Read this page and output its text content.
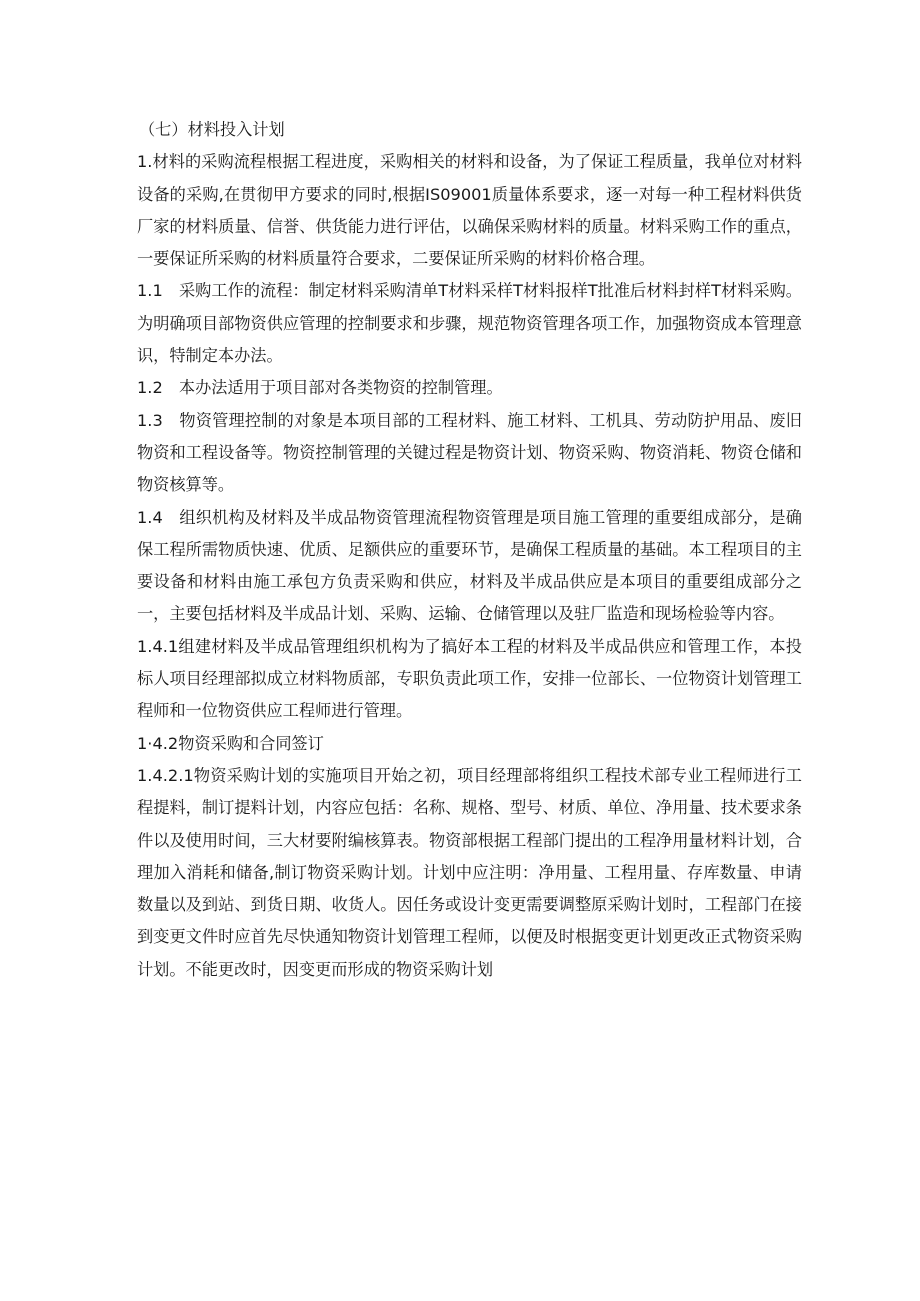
（七）材料投入计划

1.材料的采购流程根据工程进度，采购相关的材料和设备，为了保证工程质量，我单位对材料设备的采购,在贯彻甲方要求的同时,根据IS09001质量体系要求，逐一对每一种工程材料供货厂家的材料质量、信誉、供货能力进行评估，以确保采购材料的质量。材料采购工作的重点，一要保证所采购的材料质量符合要求，二要保证所采购的材料价格合理。

1.1　采购工作的流程：制定材料采购清单T材料采样T材料报样T批准后材料封样T材料采购。为明确项目部物资供应管理的控制要求和步骤，规范物资管理各项工作，加强物资成本管理意识，特制定本办法。

1.2　本办法适用于项目部对各类物资的控制管理。

1.3　物资管理控制的对象是本项目部的工程材料、施工材料、工机具、劳动防护用品、废旧物资和工程设备等。物资控制管理的关键过程是物资计划、物资采购、物资消耗、物资仓储和物资核算等。

1.4　组织机构及材料及半成品物资管理流程物资管理是项目施工管理的重要组成部分，是确保工程所需物质快速、优质、足额供应的重要环节，是确保工程质量的基础。本工程项目的主要设备和材料由施工承包方负责采购和供应，材料及半成品供应是本项目的重要组成部分之一，主要包括材料及半成品计划、采购、运输、仓储管理以及驻厂监造和现场检验等内容。

1.4.1组建材料及半成品管理组织机构为了搞好本工程的材料及半成品供应和管理工作，本投标人项目经理部拟成立材料物质部，专职负责此项工作，安排一位部长、一位物资计划管理工程师和一位物资供应工程师进行管理。

1·4.2物资采购和合同签订

1.4.2.1物资采购计划的实施项目开始之初，项目经理部将组织工程技术部专业工程师进行工程提料，制订提料计划，内容应包括：名称、规格、型号、材质、单位、净用量、技术要求条件以及使用时间，三大材要附编核算表。物资部根据工程部门提出的工程净用量材料计划，合理加入消耗和储备,制订物资采购计划。计划中应注明：净用量、工程用量、存库数量、申请数量以及到站、到货日期、收货人。因任务或设计变更需要调整原采购计划时，工程部门在接到变更文件时应首先尽快通知物资计划管理工程师，以便及时根据变更计划更改正式物资采购计划。不能更改时，因变更而形成的物资采购计划
